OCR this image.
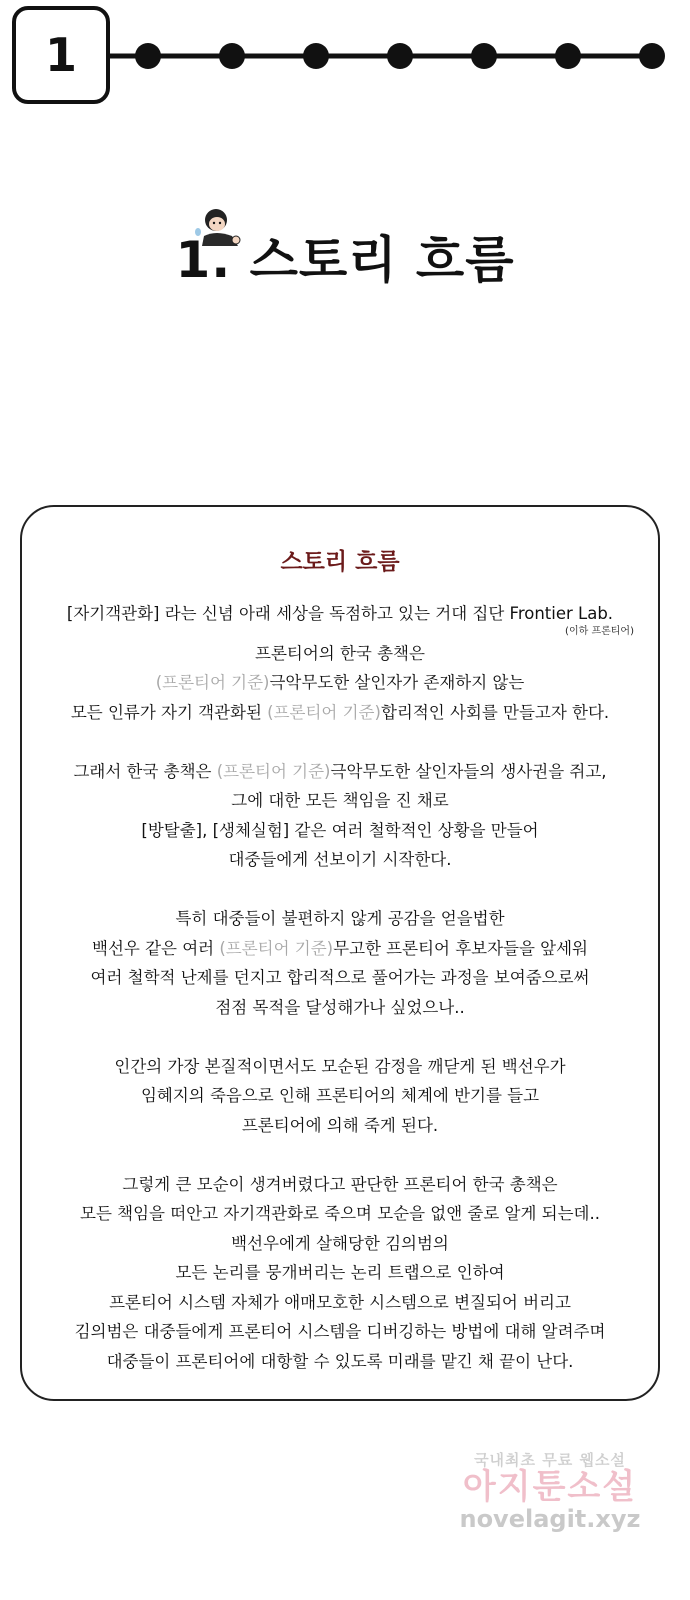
1
1. 스토리 흐름
스토리 흐름

[자기객관화] 라는 신념 아래 세상을 독점하고 있는 거대 집단 Frontier Lab.

(이하 프론티어)

프론티어의 한국 총책은

(프론티어 기준)극악무도한 살인자가 존재하지 않는

모든 인류가 자기 객관화된 (프론티어 기준)합리적인 사회를 만들고자 한다.

그래서 한국 총책은 (프론티어 기준)극악무도한 살인자들의 생사권을 쥐고,

그에 대한 모든 책임을 진 채로

[방탈출], [생체실험] 같은 여러 철학적인 상황을 만들어

대중들에게 선보이기 시작한다.

특히 대중들이 불편하지 않게 공감을 얻을법한

백선우 같은 여러 (프론티어 기준)무고한 프론티어 후보자들을 앞세워

여러 철학적 난제를 던지고 합리적으로 풀어가는 과정을 보여줌으로써

점점 목적을 달성해가나 싶었으나..

인간의 가장 본질적이면서도 모순된 감정을 깨닫게 된 백선우가

임혜지의 죽음으로 인해 프론티어의 체계에 반기를 들고

프론티어에 의해 죽게 된다.

그렇게 큰 모순이 생겨버렸다고 판단한 프론티어 한국 총책은

모든 책임을 떠안고 자기객관화로 죽으며 모순을 없앤 줄로 알게 되는데..

백선우에게 살해당한 김의범의

모든 논리를 뭉개버리는 논리 트랩으로 인하여

프론티어 시스템 자체가 애매모호한 시스템으로 변질되어 버리고

김의범은 대중들에게 프론티어 시스템을 디버깅하는 방법에 대해 알려주며

대중들이 프론티어에 대항할 수 있도록 미래를 맡긴 채 끝이 난다.

국내최초 무료 웹소설
아지툰소설
novelagit.xyz
